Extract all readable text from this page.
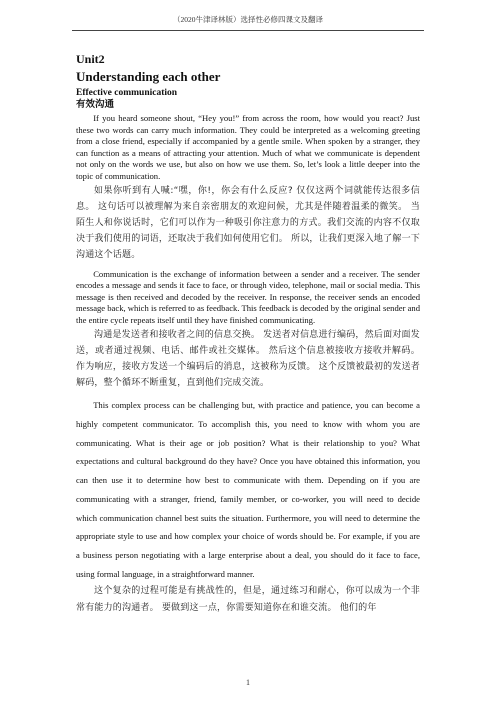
（2020牛津译林版）选择性必修四课文及翻译

Unit2

Understanding each other

Effective communication

有效沟通

If you heard someone shout, “Hey you!” from across the room, how would you react? Just these two words can carry much information. They could be interpreted as a welcoming greeting from a close friend, especially if accompanied by a gentle smile. When spoken by a stranger, they can function as a means of attracting your attention. Much of what we communicate is dependent not only on the words we use, but also on how we use them. So, let’s look a little deeper into the topic of communication.

如果你听到有人喊:“嘿，你!，你会有什么反应? 仅仅这两个词就能传达很多信息。 这句话可以被理解为来自亲密朋友的欢迎问候，尤其是伴随着温柔的微笑。 当陌生人和你说话时，它们可以作为一种吸引你注意力的方式。我们交流的内容不仅取决于我们使用的词语，还取决于我们如何使用它们。 所以，让我们更深入地了解一下沟通这个话题。

Communication is the exchange of information between a sender and a receiver. The sender encodes a message and sends it face to face, or through video, telephone, mail or social media. This message is then received and decoded by the receiver. In response, the receiver sends an encoded message back, which is referred to as feedback. This feedback is decoded by the original sender and the entire cycle repeats itself until they have finished communicating.

沟通是发送者和接收者之间的信息交换。 发送者对信息进行编码，然后面对面发送，或者通过视频、电话、邮件或社交媒体。 然后这个信息被接收方接收并解码。 作为响应，接收方发送一个编码后的消息，这被称为反馈。 这个反馈被最初的发送者解码，整个循环不断重复，直到他们完成交流。

This complex process can be challenging but, with practice and patience, you can become a highly competent communicator. To accomplish this, you need to know with whom you are communicating. What is their age or job position? What is their relationship to you? What expectations and cultural background do they have? Once you have obtained this information, you can then use it to determine how best to communicate with them. Depending on if you are communicating with a stranger, friend, family member, or co-worker, you will need to decide which communication channel best suits the situation. Furthermore, you will need to determine the appropriate style to use and how complex your choice of words should be. For example, if you are a business person negotiating with a large enterprise about a deal, you should do it face to face, using formal language, in a straightforward manner.

这个复杂的过程可能是有挑战性的，但是，通过练习和耐心，你可以成为一个非常有能力的沟通者。 要做到这一点，你需要知道你在和谁交流。 他们的年

1
